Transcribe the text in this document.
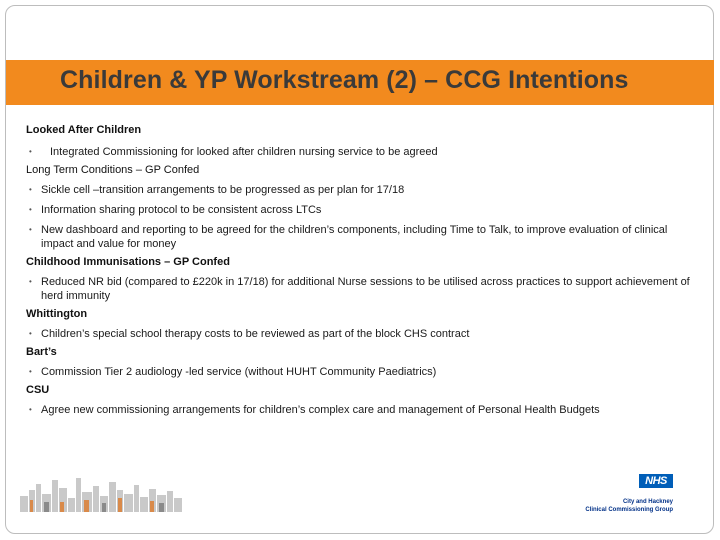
Children & YP Workstream (2) – CCG Intentions
Looked After Children
• Integrated Commissioning for looked after children nursing service to be agreed
Long Term Conditions – GP Confed
• Sickle cell –transition arrangements to be progressed as per plan for 17/18
• Information sharing protocol to be consistent across LTCs
• New dashboard and reporting to be agreed for the children’s components, including Time to Talk, to improve evaluation of clinical impact and value for money
Childhood Immunisations – GP Confed
• Reduced NR bid (compared to £220k in 17/18) for additional Nurse sessions to be utilised across practices to support achievement of herd immunity
Whittington
• Children’s special school therapy costs to be reviewed as part of the block CHS contract
Bart’s
• Commission Tier 2 audiology -led service (without HUHT Community Paediatrics)
CSU
• Agree new commissioning arrangements for children’s complex care and management of Personal Health Budgets
NHS
City and Hackney
Clinical Commissioning Group
